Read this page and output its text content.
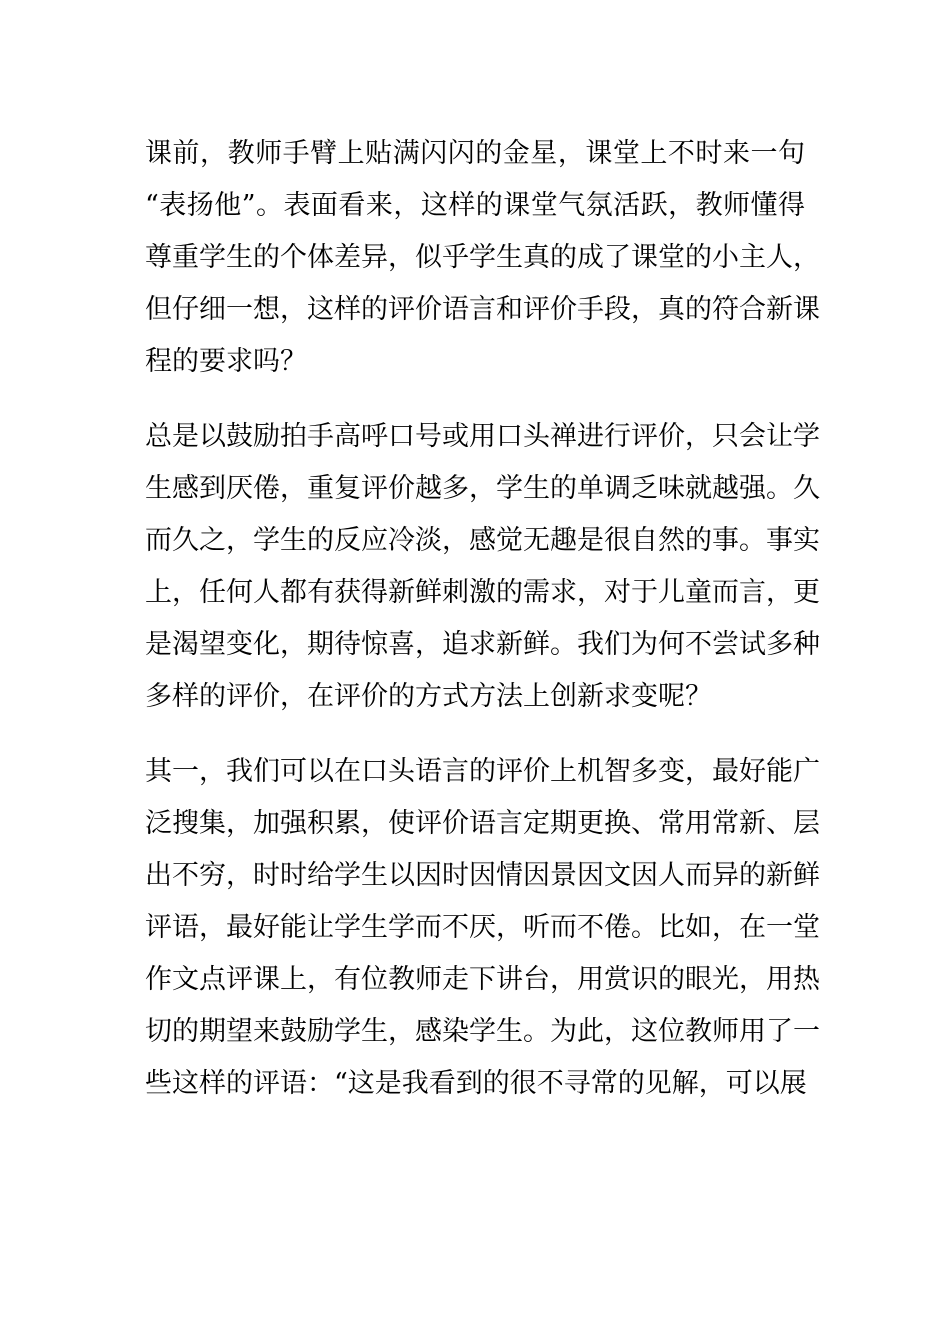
课前，教师手臂上贴满闪闪的金星，课堂上不时来一句
“表扬他”。表面看来，这样的课堂气氛活跃，教师懂得
尊重学生的个体差异，似乎学生真的成了课堂的小主人，
但仔细一想，这样的评价语言和评价手段，真的符合新课
程的要求吗？

总是以鼓励拍手高呼口号或用口头禅进行评价，只会让学
生感到厌倦，重复评价越多，学生的单调乏味就越强。久
而久之，学生的反应冷淡，感觉无趣是很自然的事。事实
上，任何人都有获得新鲜刺激的需求，对于儿童而言，更
是渴望变化，期待惊喜，追求新鲜。我们为何不尝试多种
多样的评价，在评价的方式方法上创新求变呢？

其一，我们可以在口头语言的评价上机智多变，最好能广
泛搜集，加强积累，使评价语言定期更换、常用常新、层
出不穷，时时给学生以因时因情因景因文因人而异的新鲜
评语，最好能让学生学而不厌，听而不倦。比如，在一堂
作文点评课上，有位教师走下讲台，用赏识的眼光，用热
切的期望来鼓励学生，感染学生。为此，这位教师用了一
些这样的评语：“这是我看到的很不寻常的见解，可以展
